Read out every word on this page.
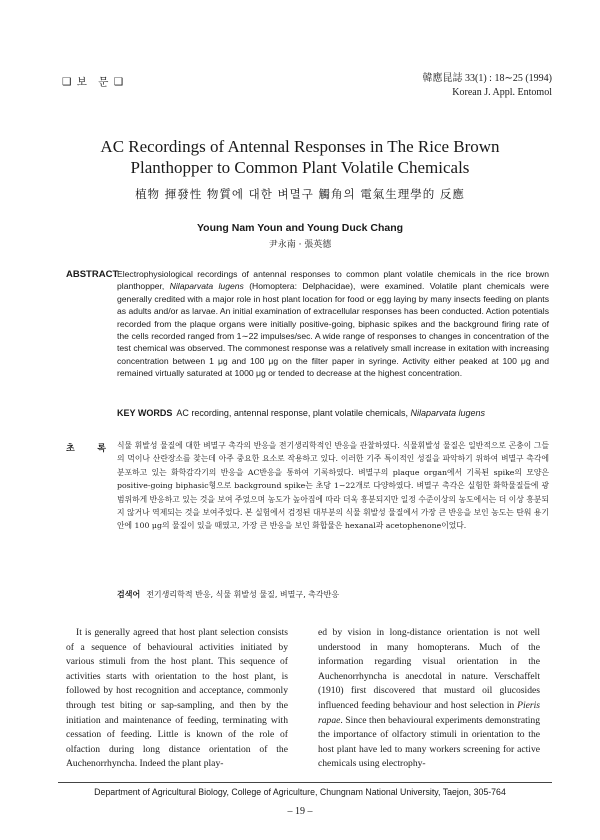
❑ 보 문 ❑	韓應昆誌 33(1) : 18∼25 (1994)
Korean J. Appl. Entomol
AC Recordings of Antennal Responses in The Rice Brown
Planthopper to Common Plant Volatile Chemicals
植物 揮發性 物質에 대한 벼멸구 觸角의 電氣生理學的 反應
Young Nam Youn and Young Duck Chang
尹永南 · 張英德
ABSTRACT
Electrophysiological recordings of antennal responses to common plant volatile chemicals in the rice brown planthopper, Nilaparvata lugens (Homoptera: Delphacidae), were examined. Volatile plant chemicals were generally credited with a major role in host plant location for food or egg laying by many insects feeding on plants as adults and/or as larvae. An initial examination of extracellular responses has been conducted. Action potentials recorded from the plaque organs were initially positive-going, biphasic spikes and the background firing rate of the cells recorded ranged from 1∼22 impulses/sec. A wide range of responses to changes in concentration of the test chemical was observed. The commonest response was a relatively small increase in exitation with increasing concentration between 1 μg and 100 μg on the filter paper in syringe. Activity either peaked at 100 μg and remained virtually saturated at 1000 μg or tended to decrease at the highest concentration.
KEY WORDS AC recording, antennal response, plant volatile chemicals, Nilaparvata lugens
초	록 식물 휘발성 물질에 대한 벼멸구 촉각의 반응을 전기생리학적인 반응을 관찰하였다. 식물휘발성 물질은 일반적으로 곤충이 그들의 먹이나 산란장소를 찾는데 아주 중요한 요소로 작용하고 있다. 이러한 기주 특이적인 성질을 파악하기 위하여 벼멸구 촉각에 분포하고 있는 화학감각기의 반응을 AC반응을 통하여 기록하였다. 벼멸구의 plaque organ에서 기록된 spike의 모양은 positive-going biphasic형으로 background spike는 초당 1∼22개로 다양하였다. 벼멸구 촉각은 실험한 화학물질들에 광범위하게 반응하고 있는 것을 보여 주었으며 농도가 높아짐에 따라 더욱 흥분되지만 일정 수준이상의 농도에서는 더 이상 흥분되지 않거나 역제되는 것을 보여주었다. 본 실험에서 검정된 대부분의 식물 휘발성 물질에서 가장 큰 반응을 보인 농도는 탄워 용기 안에 100 μg의 물질이 있을 때였고, 가장 큰 반응을 보인 화합물은 hexanal과 acetophenone이었다.
검색어 전기생리학적 반응, 식물 휘발성 물질, 벼멸구, 촉각반응
It is generally agreed that host plant selection consists of a sequence of behavioural activities initiated by various stimuli from the host plant. This sequence of activities starts with orientation to the host plant, is followed by host recognition and acceptance, commonly through test biting or sap-sampling, and then by the initiation and maintenance of feeding, terminating with cessation of feeding. Little is known of the role of olfaction during long distance orientation of the Auchenorrhyncha. Indeed the plant play-
ed by vision in long-distance orientation is not well understood in many homopterans. Much of the information regarding visual orientation in the Auchenorrhyncha is anecdotal in nature. Verschaffelt (1910) first discovered that mustard oil glucosides influenced feeding behaviour and host selection in Pieris rapae. Since then behavioural experiments demonstrating the importance of olfactory stimuli in orientation to the host plant have led to many workers screening for active chemicals using electrophy-
Department of Agricultural Biology, College of Agriculture, Chungnam National University, Taejon, 305-764
– 19 –
